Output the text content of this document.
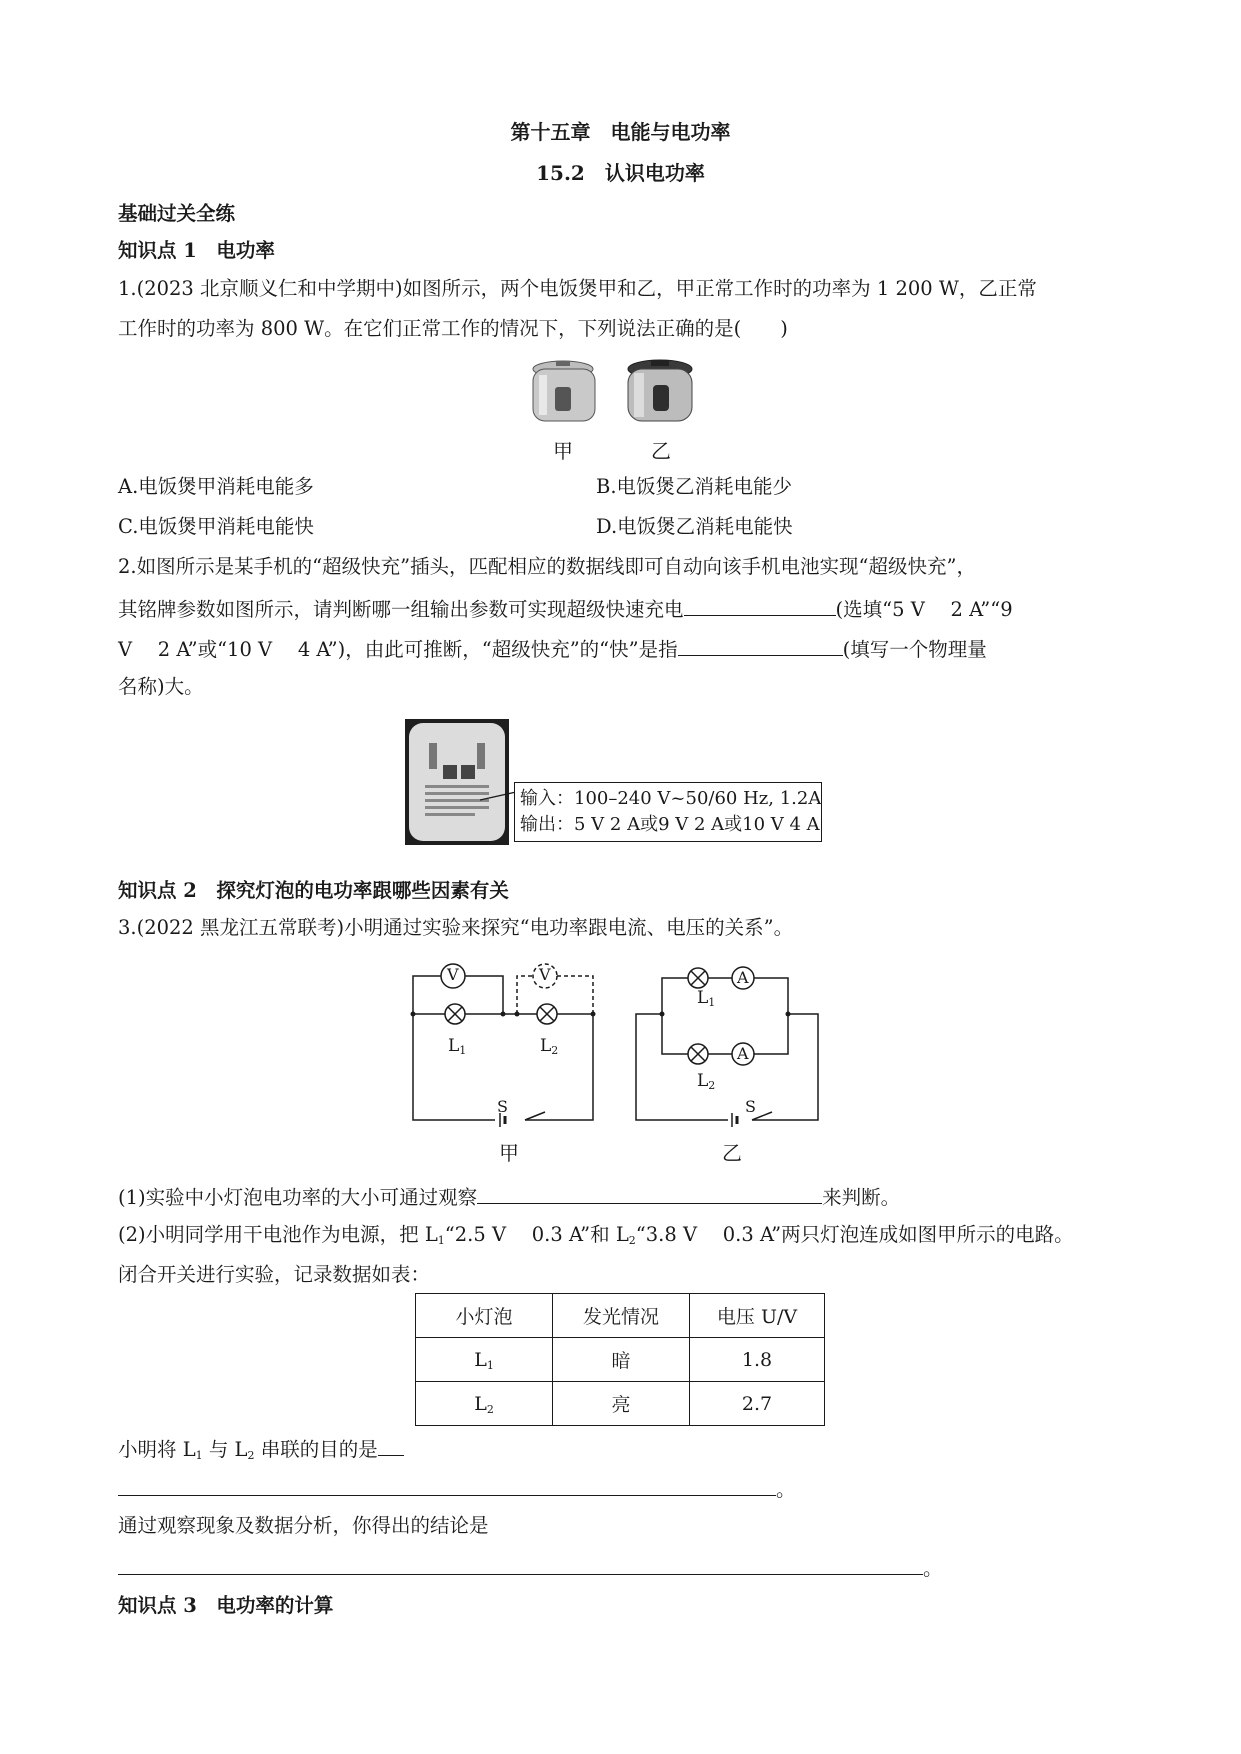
第十五章　电能与电功率
15.2　认识电功率
基础过关全练
知识点 1　电功率
1.(2023 北京顺义仁和中学期中)如图所示，两个电饭煲甲和乙，甲正常工作时的功率为 1 200 W，乙正常
工作时的功率为 800 W。在它们正常工作的情况下，下列说法正确的是(　　)
甲	乙
A.电饭煲甲消耗电能多	B.电饭煲乙消耗电能少
C.电饭煲甲消耗电能快	D.电饭煲乙消耗电能快
2.如图所示是某手机的“超级快充”插头，匹配相应的数据线即可自动向该手机电池实现“超级快充”，
其铭牌参数如图所示，请判断哪一组输出参数可实现超级快速充电	(选填“5 V　 2 A”“9
V　 2 A”或“10 V　 4 A”)，由此可推断，“超级快充”的“快”是指	(填写一个物理量
名称)大。
输入：100–240 V~50/60 Hz, 1.2A
输出：5 V 2 A或9 V 2 A或10 V 4 A
知识点 2　探究灯泡的电功率跟哪些因素有关
3.(2022 黑龙江五常联考)小明通过实验来探究“电功率跟电流、电压的关系”。
V	V
$L_1$	$L_2$
S
甲
A
A
$L_1$
$L_2$
S
乙
(1)实验中小灯泡电功率的大小可通过观察	来判断。
(2)小明同学用干电池作为电源，把 $L_1“2.5$ V　 0.3 A”和 $L_2“3.8$ V　 0.3 A”两只灯泡连成如图甲所示的电路。
闭合开关进行实验，记录数据如表：
小灯泡	发光情况	电压 U/V
$L_1$	暗	1.8
$L_2$	亮	2.7
小明将 $L_1$ 与 $L_2$ 串联的目的是
。
通过观察现象及数据分析，你得出的结论是
。
知识点 3　电功率的计算
